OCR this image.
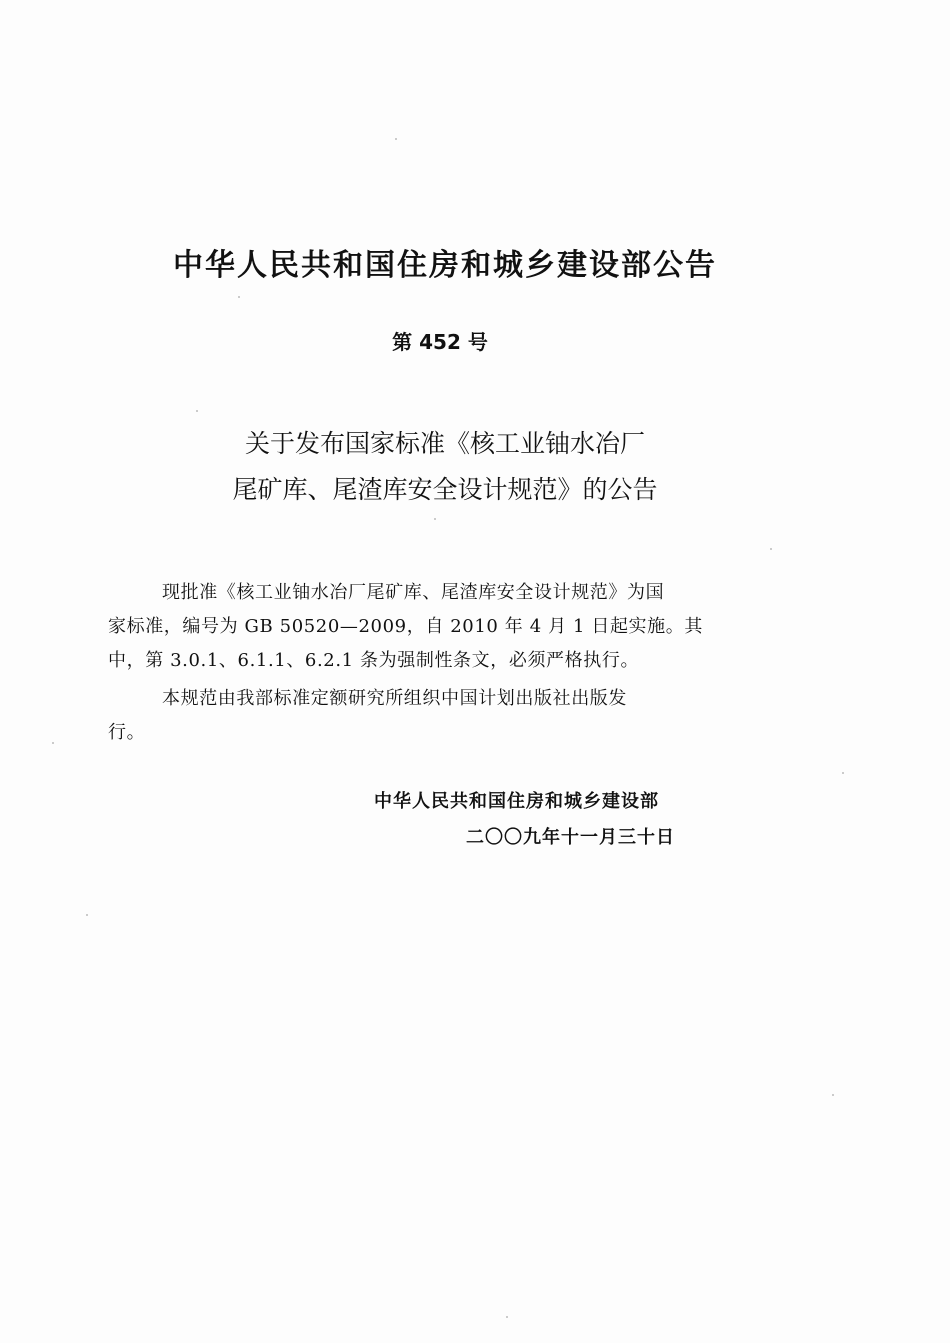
中华人民共和国住房和城乡建设部公告
第 452 号
关于发布国家标准《核工业铀水冶厂
尾矿库、尾渣库安全设计规范》的公告
现批准《核工业铀水冶厂尾矿库、尾渣库安全设计规范》为国
家标准，编号为 GB 50520—2009，自 2010 年 4 月 1 日起实施。其
中，第 3.0.1、6.1.1、6.2.1 条为强制性条文，必须严格执行。
本规范由我部标准定额研究所组织中国计划出版社出版发
行。
中华人民共和国住房和城乡建设部
二〇〇九年十一月三十日
